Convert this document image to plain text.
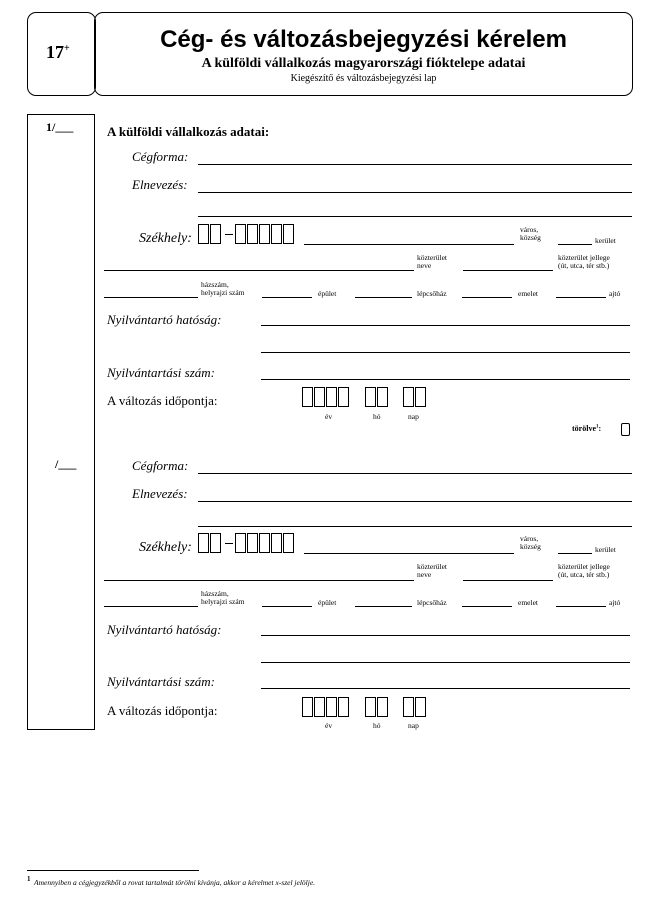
17+	Cég- és változásbejegyzési kérelem
A külföldi vállalkozás magyarországi fióktelepe adatai
Kiegészítő és változásbejegyzési lap
1/___
/___
A külföldi vállalkozás adatai:
Cégforma:
Elnevezés:
Székhely:
város,
község	kerület
közterület
neve
közterület jellege
(út, utca, tér stb.)
házszám,
helyrajzi szám	épület	lépcsőház	emelet	ajtó
Nyilvántartó hatóság:
Nyilvántartási szám:
A változás időpontja:
év	hó	nap
törölve$^1$:
Cégforma:
Elnevezés:
Székhely:
város,
község	kerület
közterület
neve
közterület jellege
(út, utca, tér stb.)
házszám,
helyrajzi szám	épület	lépcsőház	emelet	ajtó
Nyilvántartó hatóság:
Nyilvántartási szám:
A változás időpontja:
év	hó	nap
1 Amennyiben a cégjegyzékből a rovat tartalmát törölni kívánja, akkor a kérelmet x-szel jelölje.
